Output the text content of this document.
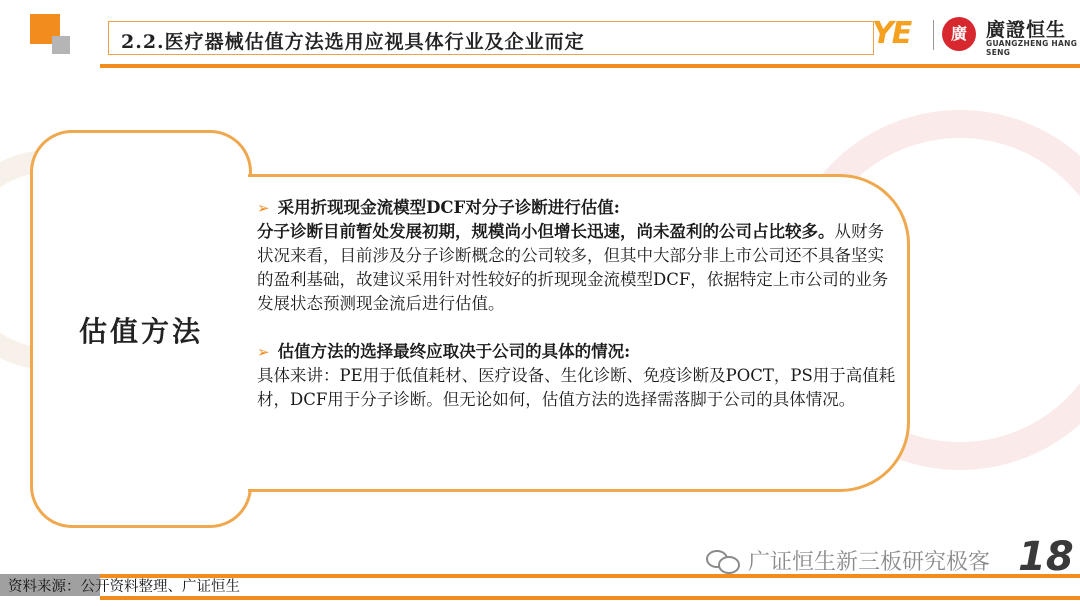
2.2.医疗器械估值方法选用应视具体行业及企业而定	YE	廣	廣證恒生
GUANGZHENG HANG SENG
估值方法
➢ 采用折现现金流模型DCF对分子诊断进行估值:
分子诊断目前暂处发展初期，规模尚小但增长迅速，尚未盈利的公司占比较多。从财务状况来看，目前涉及分子诊断概念的公司较多，但其中大部分非上市公司还不具备坚实的盈利基础，故建议采用针对性较好的折现现金流模型DCF，依据特定上市公司的业务发展状态预测现金流后进行估值。
➢ 估值方法的选择最终应取决于公司的具体的情况:
具体来讲：PE用于低值耗材、医疗设备、生化诊断、免疫诊断及POCT，PS用于高值耗材，DCF用于分子诊断。但无论如何，估值方法的选择需落脚于公司的具体情况。
资料来源：公开资料整理、广证恒生
广证恒生新三板研究极客 18
